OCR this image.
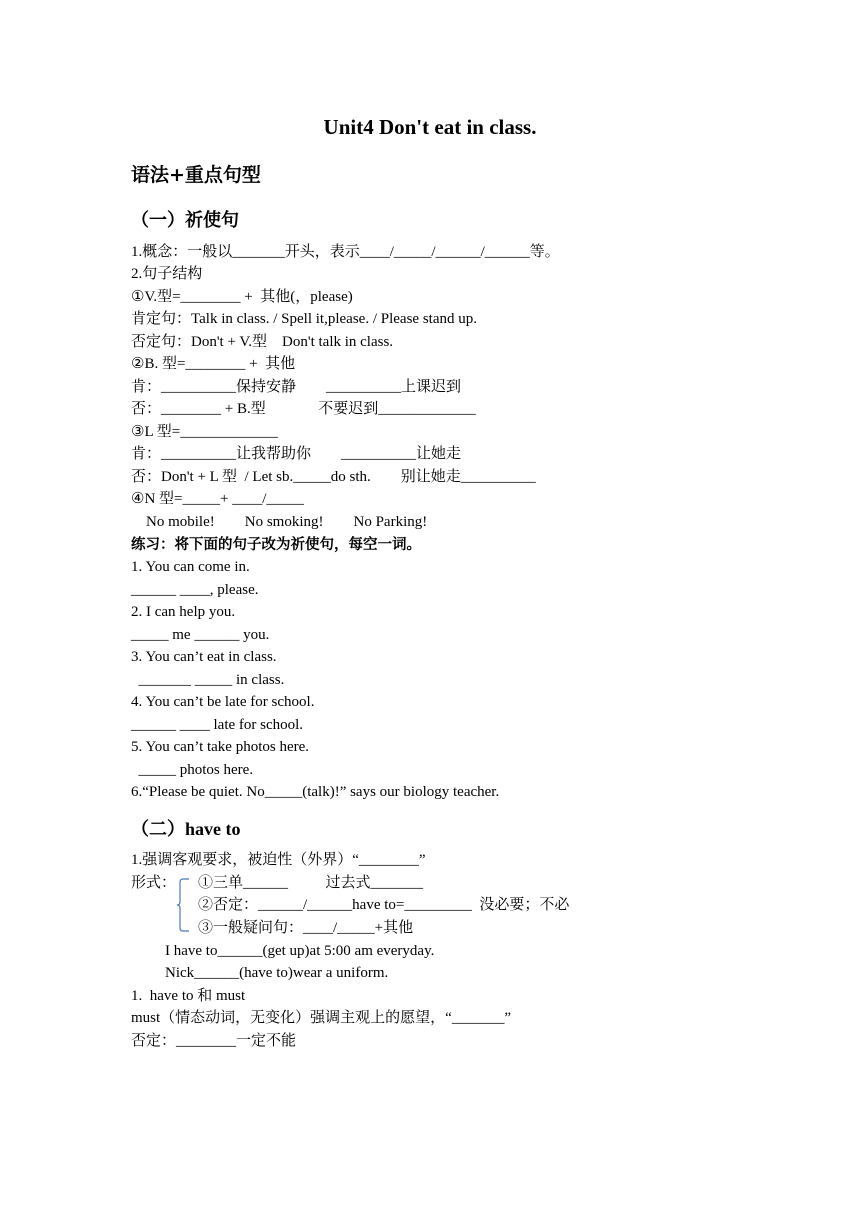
Unit4 Don't eat in class.
语法+重点句型
（一）祈使句
1.概念：一般以_______开头，表示____/_____/______/______等。
2.句子结构
①V.型=________ +  其他(，please)
肯定句：Talk in class. / Spell it,please. / Please stand up.
否定句：Don't + V.型    Don't talk in class.
②B. 型=________ +  其他
肯：__________保持安静        __________上课迟到
否：________ + B.型              不要迟到_____________
③L 型=_____________
肯：__________让我帮助你        __________让她走
否：Don't + L 型  / Let sb._____do sth.        别让她走__________
④N 型=_____+ ____/_____
No mobile!        No smoking!        No Parking!
练习：将下面的句子改为祈使句，每空一词。
1. You can come in.
______ ____, please.
2. I can help you.
_____ me ______ you.
3. You can’t eat in class.
_______ _____ in class.
4. You can’t be late for school.
______ ____ late for school.
5. You can’t take photos here.
_____ photos here.
6.“Please be quiet. No_____(talk)!” says our biology teacher.
（二）have to
1.强调客观要求，被迫性（外界）“________”
形式： ①三单______          过去式_______
②否定：______/______have to=_________  没必要；不必
③一般疑问句：____/_____+其他
I have to______(get up)at 5:00 am everyday.
Nick______(have to)wear a uniform.
1.  have to 和 must
must（情态动词，无变化）强调主观上的愿望，“_______”
否定：________一定不能
